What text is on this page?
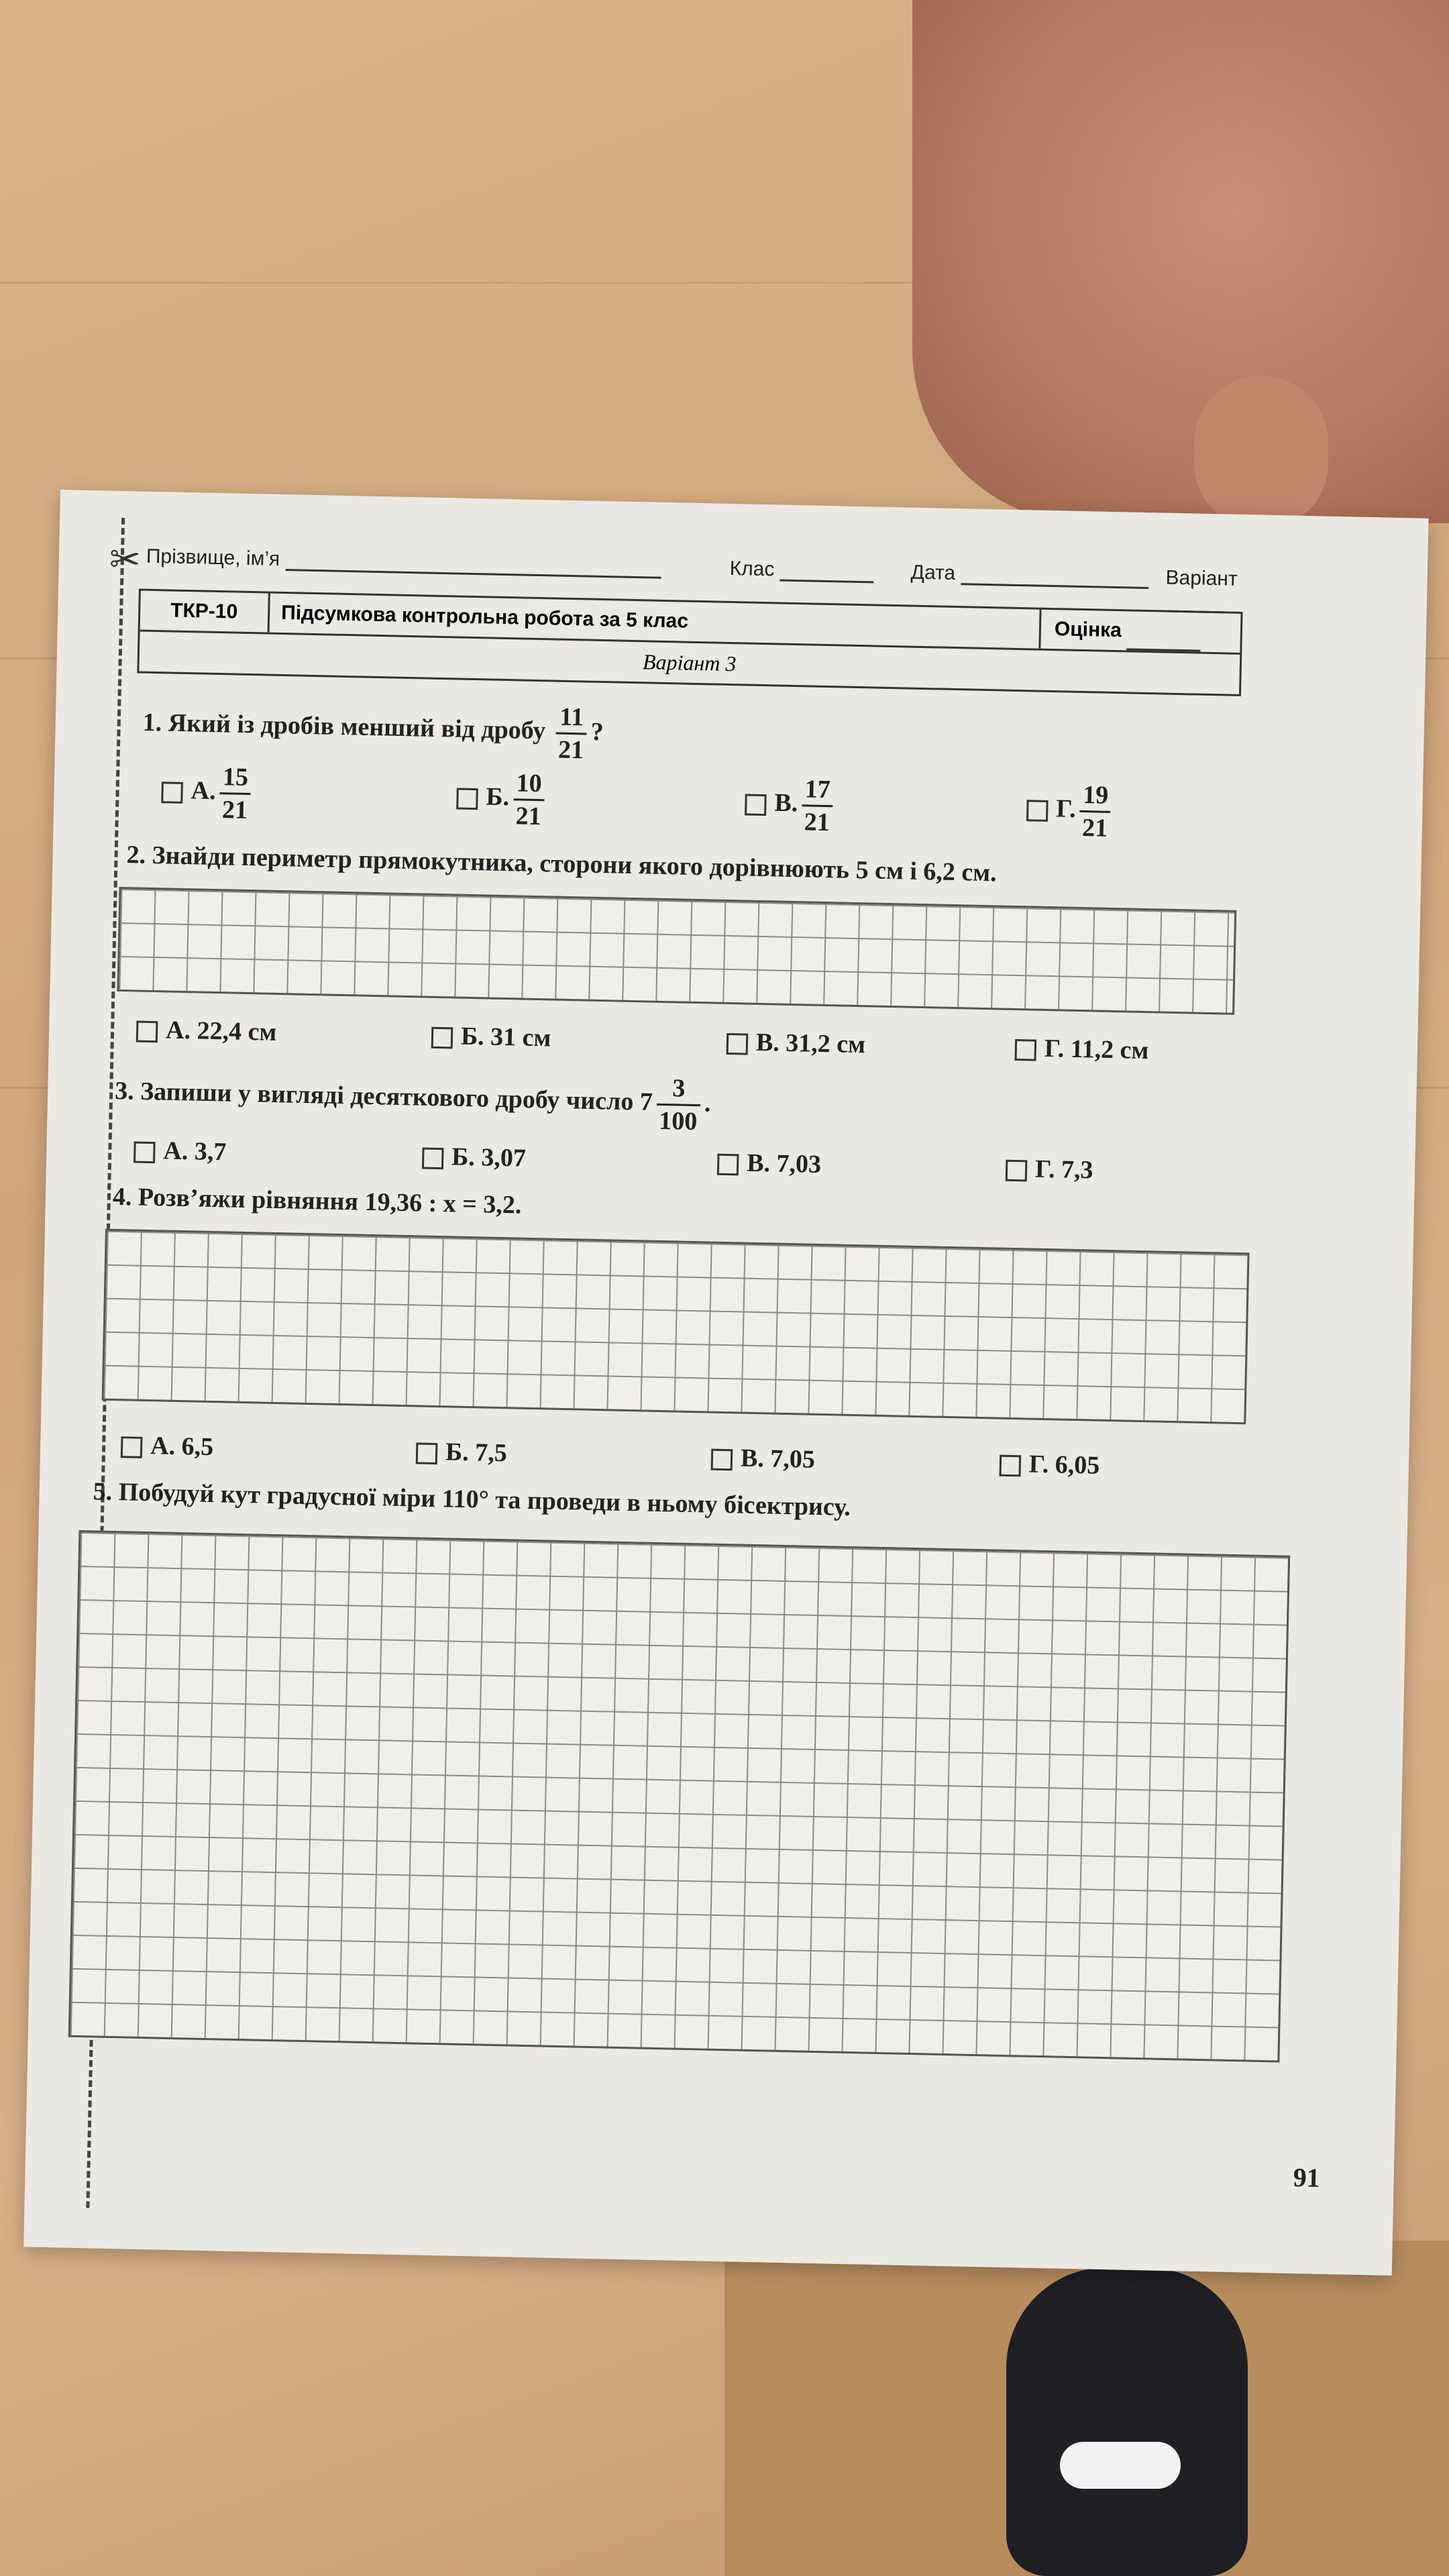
✂ Прізвище, ім’я	Клас	Дата	Варіант
ТКР-10	Підсумкова контрольна робота за 5 клас	Оцінка
Варіант 3
1. Який із дробів менший від дробу $\frac{11}{21}$ ?
А. $\frac{15}{21}$	Б. $\frac{10}{21}$	В. $\frac{17}{21}$	Г. $\frac{19}{21}$
2. Знайди периметр прямокутника, сторони якого дорівнюють 5 см і 6,2 см.
А. 22,4 см	Б. 31 см	В. 31,2 см	Г. 11,2 см
3. Запиши у вигляді десяткового дробу число $7 \frac{3}{100}$ .
А. 3,7	Б. 3,07	В. 7,03	Г. 7,3
4. Розв’яжи рівняння 19,36 : x = 3,2.
А. 6,5	Б. 7,5	В. 7,05	Г. 6,05
5. Побудуй кут градусної міри 110° та проведи в ньому бісектрису.
91
